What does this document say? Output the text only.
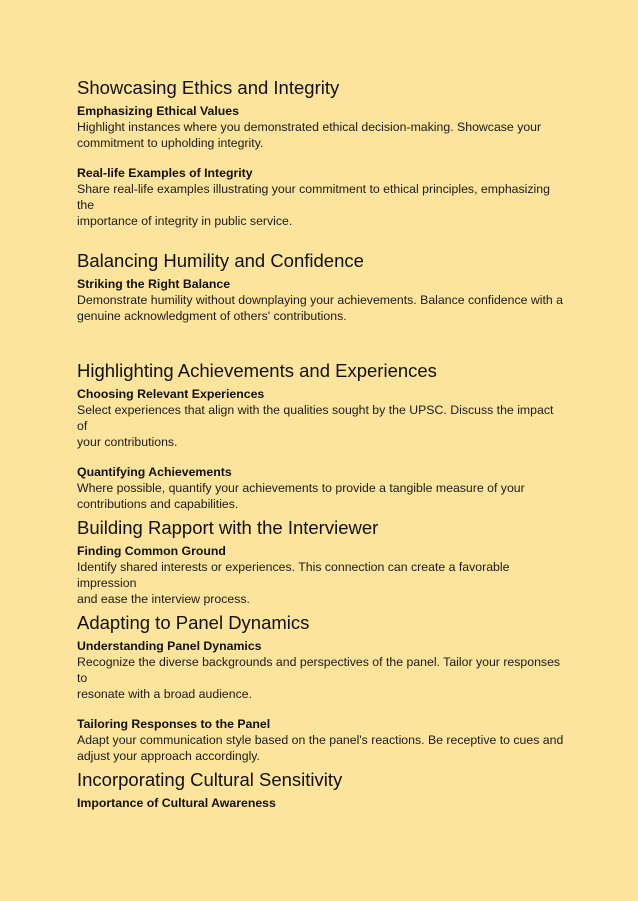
Showcasing Ethics and Integrity

Emphasizing Ethical Values

Highlight instances where you demonstrated ethical decision-making. Showcase your
commitment to upholding integrity.

Real-life Examples of Integrity

Share real-life examples illustrating your commitment to ethical principles, emphasizing the
importance of integrity in public service.

Balancing Humility and Confidence

Striking the Right Balance

Demonstrate humility without downplaying your achievements. Balance confidence with a
genuine acknowledgment of others' contributions.

Highlighting Achievements and Experiences

Choosing Relevant Experiences

Select experiences that align with the qualities sought by the UPSC. Discuss the impact of
your contributions.

Quantifying Achievements

Where possible, quantify your achievements to provide a tangible measure of your
contributions and capabilities.

Building Rapport with the Interviewer

Finding Common Ground

Identify shared interests or experiences. This connection can create a favorable impression
and ease the interview process.

Adapting to Panel Dynamics

Understanding Panel Dynamics

Recognize the diverse backgrounds and perspectives of the panel. Tailor your responses to
resonate with a broad audience.

Tailoring Responses to the Panel

Adapt your communication style based on the panel's reactions. Be receptive to cues and
adjust your approach accordingly.

Incorporating Cultural Sensitivity

Importance of Cultural Awareness
